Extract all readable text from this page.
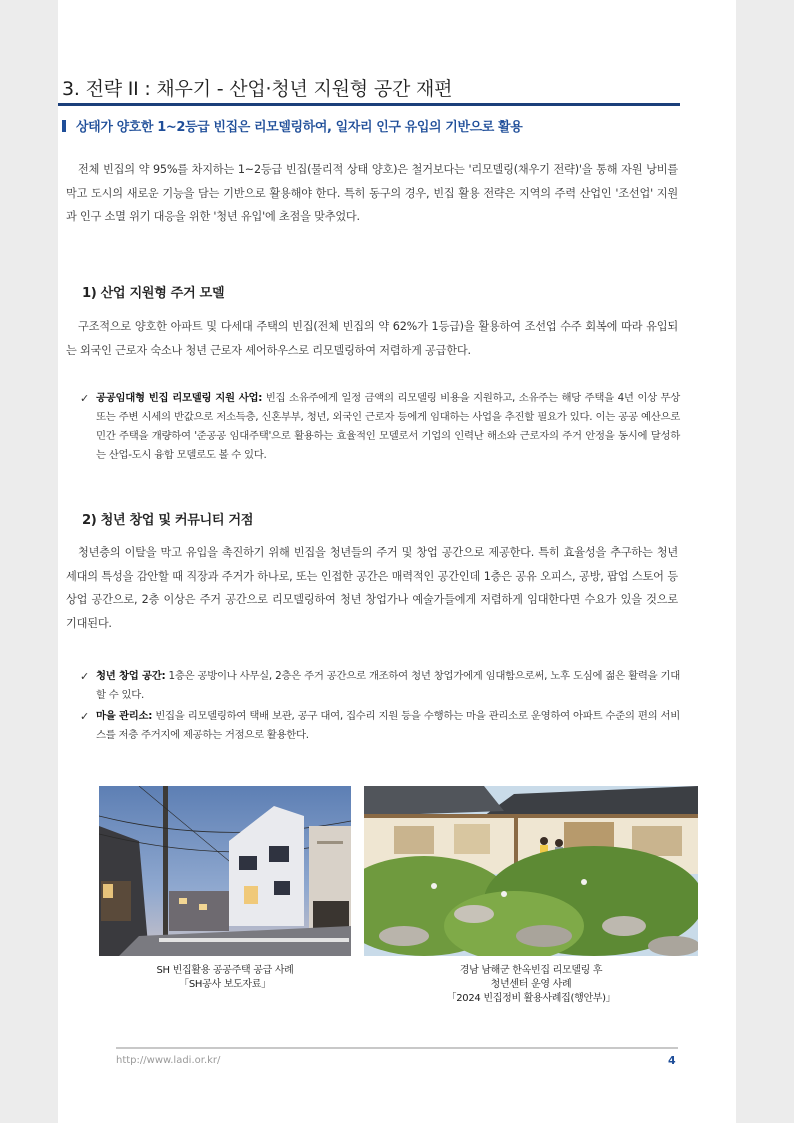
3. 전략 II : 채우기 - 산업·청년 지원형 공간 재편
상태가 양호한 1~2등급 빈집은 리모델링하여, 일자리 인구 유입의 기반으로 활용
전체 빈집의 약 95%를 차지하는 1~2등급 빈집(물리적 상태 양호)은 철거보다는 '리모델링(채우기 전략)'을 통해 자원 낭비를 막고 도시의 새로운 기능을 담는 기반으로 활용해야 한다. 특히 동구의 경우, 빈집 활용 전략은 지역의 주력 산업인 '조선업' 지원과 인구 소멸 위기 대응을 위한 '청년 유입'에 초점을 맞추었다.
1) 산업 지원형 주거 모델
구조적으로 양호한 아파트 및 다세대 주택의 빈집(전체 빈집의 약 62%가 1등급)을 활용하여 조선업 수주 회복에 따라 유입되는 외국인 근로자 숙소나 청년 근로자 셰어하우스로 리모델링하여 저렴하게 공급한다.
✓ 공공임대형 빈집 리모델링 지원 사업: 빈집 소유주에게 일정 금액의 리모델링 비용을 지원하고, 소유주는 해당 주택을 4년 이상 무상 또는 주변 시세의 반값으로 저소득층, 신혼부부, 청년, 외국인 근로자 등에게 임대하는 사업을 추진할 필요가 있다. 이는 공공 예산으로 민간 주택을 개량하여 '준공공 임대주택'으로 활용하는 효율적인 모델로서 기업의 인력난 해소와 근로자의 주거 안정을 동시에 달성하는 산업-도시 융합 모델로도 볼 수 있다.
2) 청년 창업 및 커뮤니티 거점
청년층의 이탈을 막고 유입을 촉진하기 위해 빈집을 청년들의 주거 및 창업 공간으로 제공한다. 특히 효율성을 추구하는 청년 세대의 특성을 감안할 때 직장과 주거가 하나로, 또는 인접한 공간은 매력적인 공간인데 1층은 공유 오피스, 공방, 팝업 스토어 등 상업 공간으로, 2층 이상은 주거 공간으로 리모델링하여 청년 창업가나 예술가들에게 저렴하게 임대한다면 수요가 있을 것으로 기대된다.
✓ 청년 창업 공간: 1층은 공방이나 사무실, 2층은 주거 공간으로 개조하여 청년 창업가에게 임대함으로써, 노후 도심에 젊은 활력을 기대할 수 있다.
✓ 마을 관리소: 빈집을 리모델링하여 택배 보관, 공구 대여, 집수리 지원 등을 수행하는 마을 관리소로 운영하여 아파트 수준의 편의 서비스를 저층 주거지에 제공하는 거점으로 활용한다.
SH 빈집활용 공공주택 공급 사례
「SH공사 보도자료」
경남 남해군 한옥빈집 리모델링 후
청년센터 운영 사례
「2024 빈집정비 활용사례집(행안부)」
http://www.ladi.or.kr/	4
